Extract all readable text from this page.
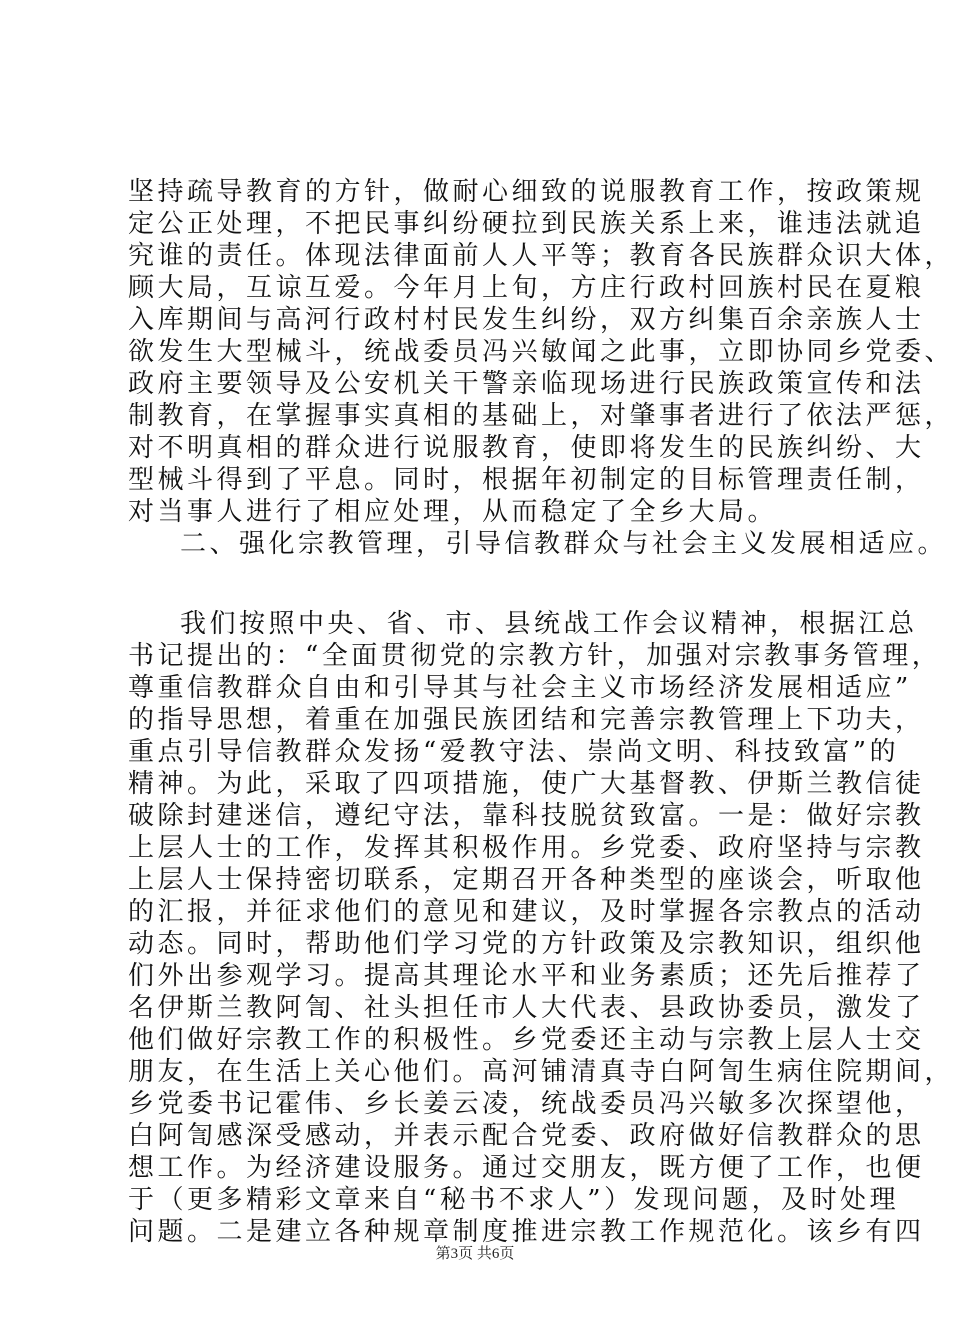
坚持疏导教育的方针，做耐心细致的说服教育工作，按政策规
定公正处理，不把民事纠纷硬拉到民族关系上来，谁违法就追
究谁的责任。体现法律面前人人平等；教育各民族群众识大体，
顾大局，互谅互爱。今年月上旬，方庄行政村回族村民在夏粮
入库期间与高河行政村村民发生纠纷，双方纠集百余亲族人士
欲发生大型械斗，统战委员冯兴敏闻之此事，立即协同乡党委、
政府主要领导及公安机关干警亲临现场进行民族政策宣传和法
制教育，在掌握事实真相的基础上，对肇事者进行了依法严惩，
对不明真相的群众进行说服教育，使即将发生的民族纠纷、大
型械斗得到了平息。同时，根据年初制定的目标管理责任制，
对当事人进行了相应处理，从而稳定了全乡大局。
二、强化宗教管理，引导信教群众与社会主义发展相适应。
我们按照中央、省、市、县统战工作会议精神，根据江总
书记提出的：“全面贯彻党的宗教方针，加强对宗教事务管理，
尊重信教群众自由和引导其与社会主义市场经济发展相适应”
的指导思想，着重在加强民族团结和完善宗教管理上下功夫，
重点引导信教群众发扬“爱教守法、崇尚文明、科技致富”的
精神。为此，采取了四项措施，使广大基督教、伊斯兰教信徒
破除封建迷信，遵纪守法，靠科技脱贫致富。一是：做好宗教
上层人士的工作，发挥其积极作用。乡党委、政府坚持与宗教
上层人士保持密切联系，定期召开各种类型的座谈会，听取他
的汇报，并征求他们的意见和建议，及时掌握各宗教点的活动
动态。同时，帮助他们学习党的方针政策及宗教知识，组织他
们外出参观学习。提高其理论水平和业务素质；还先后推荐了
名伊斯兰教阿訇、社头担任市人大代表、县政协委员，激发了
他们做好宗教工作的积极性。乡党委还主动与宗教上层人士交
朋友，在生活上关心他们。高河铺清真寺白阿訇生病住院期间，
乡党委书记霍伟、乡长姜云凌，统战委员冯兴敏多次探望他，
白阿訇感深受感动，并表示配合党委、政府做好信教群众的思
想工作。为经济建设服务。通过交朋友，既方便了工作，也便
于（更多精彩文章来自“秘书不求人”）发现问题，及时处理
问题。二是建立各种规章制度推进宗教工作规范化。该乡有四
第3页 共6页
